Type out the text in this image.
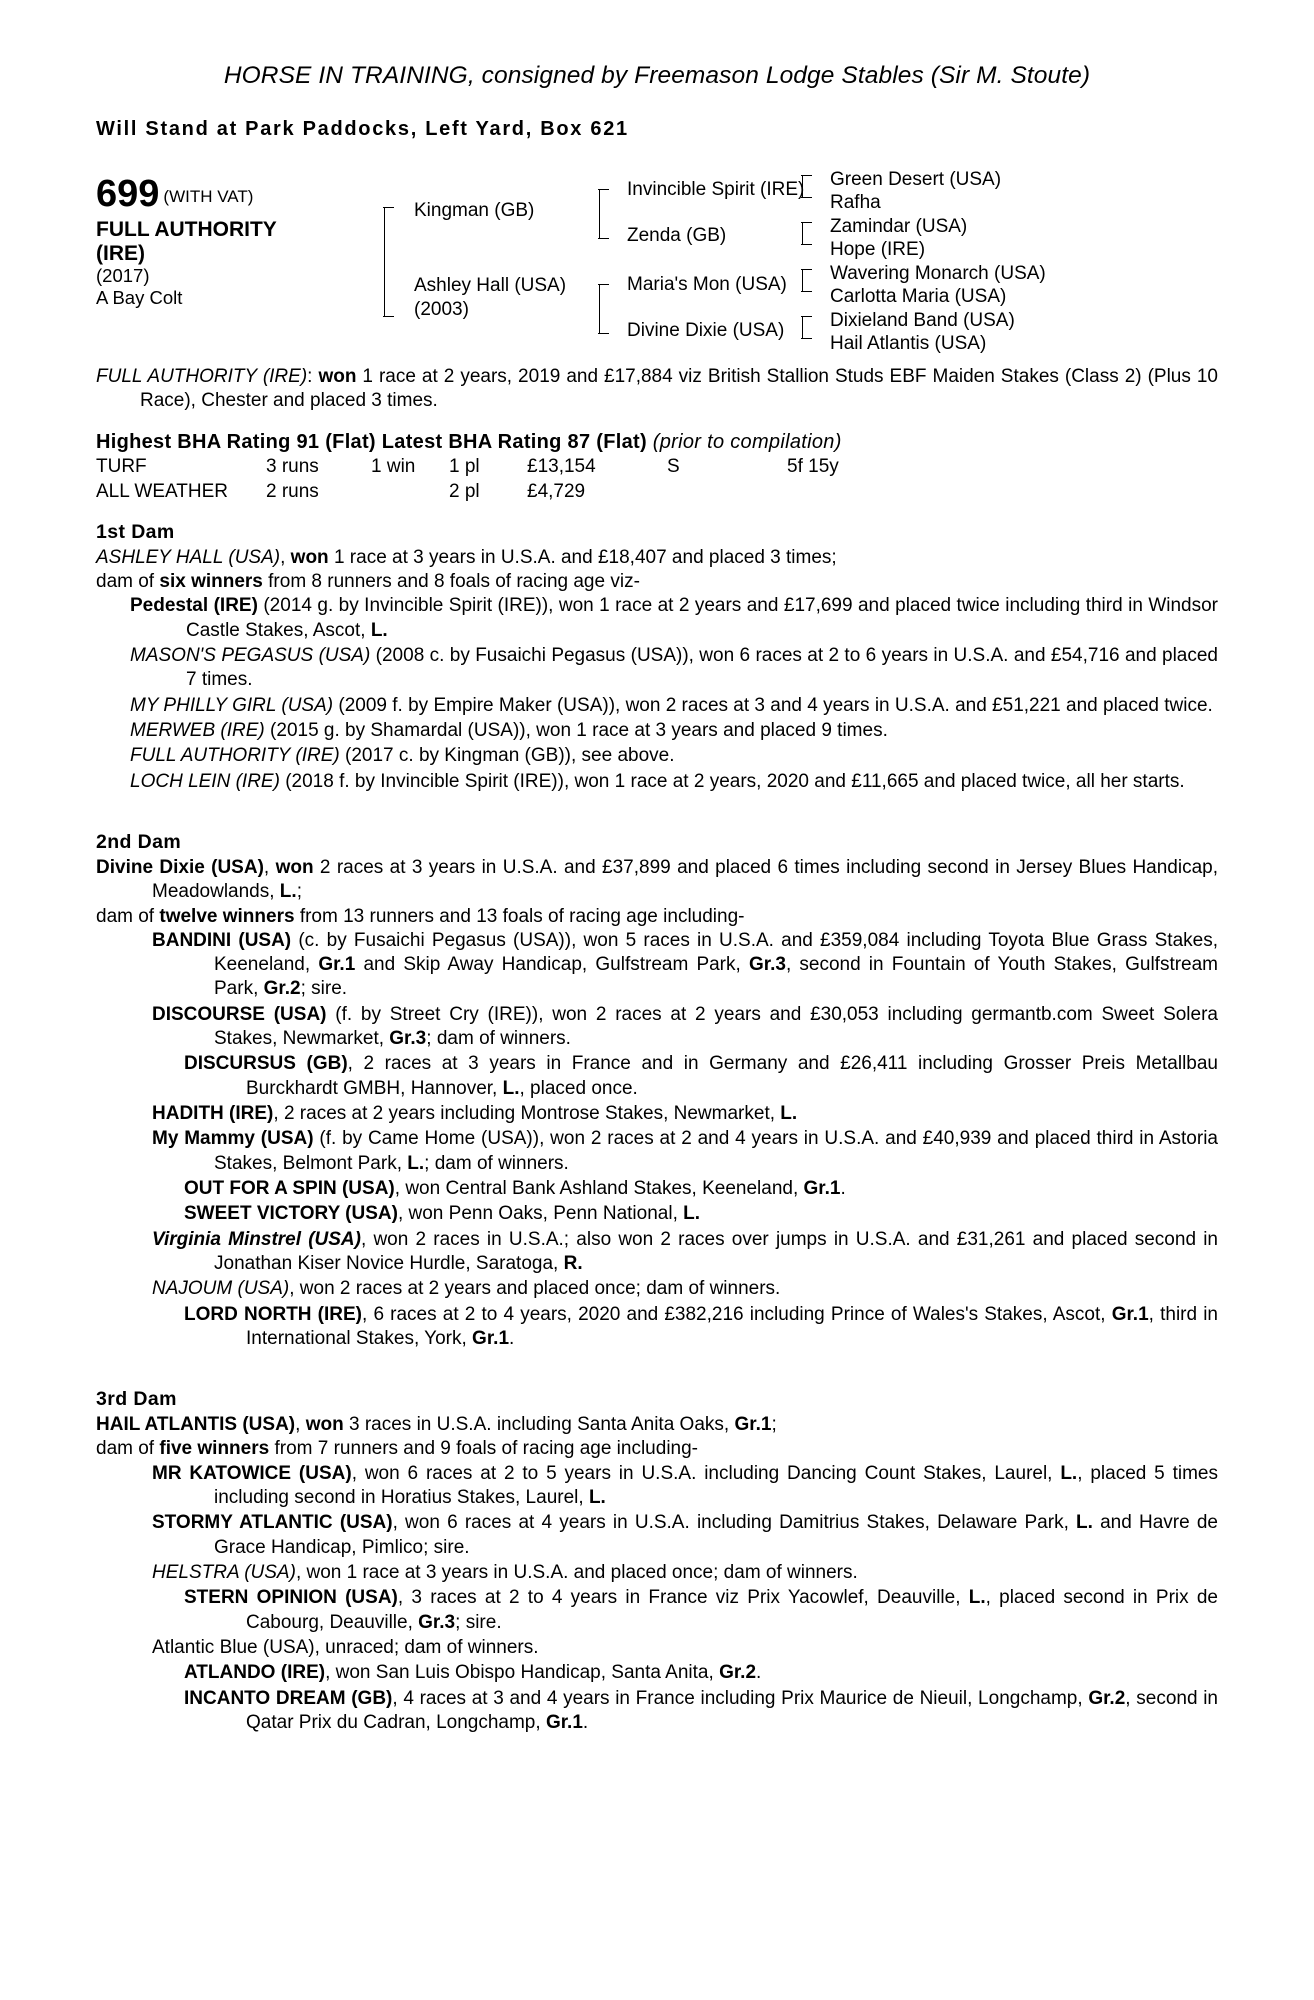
HORSE IN TRAINING, consigned by Freemason Lodge Stables (Sir M. Stoute)
Will Stand at Park Paddocks, Left Yard, Box 621
699 (WITH VAT)
FULL AUTHORITY
(IRE)
(2017)
A Bay Colt
Kingman (GB)
Ashley Hall (USA)
(2003)
Invincible Spirit (IRE)
Zenda (GB)
Maria's Mon (USA)
Divine Dixie (USA)
Green Desert (USA)
Rafha
Zamindar (USA)
Hope (IRE)
Wavering Monarch (USA)
Carlotta Maria (USA)
Dixieland Band (USA)
Hail Atlantis (USA)
FULL AUTHORITY (IRE): won 1 race at 2 years, 2019 and £17,884 viz British Stallion Studs EBF Maiden Stakes (Class 2) (Plus 10 Race), Chester and placed 3 times.
Highest BHA Rating 91 (Flat) Latest BHA Rating 87 (Flat) (prior to compilation)
TURF	3 runs	1 win	1 pl	£13,154	S	5f 15y
ALL WEATHER	2 runs		2 pl	£4,729		
1st Dam
ASHLEY HALL (USA), won 1 race at 3 years in U.S.A. and £18,407 and placed 3 times;
dam of six winners from 8 runners and 8 foals of racing age viz-
Pedestal (IRE) (2014 g. by Invincible Spirit (IRE)), won 1 race at 2 years and £17,699 and placed twice including third in Windsor Castle Stakes, Ascot, L.
MASON'S PEGASUS (USA) (2008 c. by Fusaichi Pegasus (USA)), won 6 races at 2 to 6 years in U.S.A. and £54,716 and placed 7 times.
MY PHILLY GIRL (USA) (2009 f. by Empire Maker (USA)), won 2 races at 3 and 4 years in U.S.A. and £51,221 and placed twice.
MERWEB (IRE) (2015 g. by Shamardal (USA)), won 1 race at 3 years and placed 9 times.
FULL AUTHORITY (IRE) (2017 c. by Kingman (GB)), see above.
LOCH LEIN (IRE) (2018 f. by Invincible Spirit (IRE)), won 1 race at 2 years, 2020 and £11,665 and placed twice, all her starts.
2nd Dam
Divine Dixie (USA), won 2 races at 3 years in U.S.A. and £37,899 and placed 6 times including second in Jersey Blues Handicap, Meadowlands, L.;
dam of twelve winners from 13 runners and 13 foals of racing age including-
BANDINI (USA) (c. by Fusaichi Pegasus (USA)), won 5 races in U.S.A. and £359,084 including Toyota Blue Grass Stakes, Keeneland, Gr.1 and Skip Away Handicap, Gulfstream Park, Gr.3, second in Fountain of Youth Stakes, Gulfstream Park, Gr.2; sire.
DISCOURSE (USA) (f. by Street Cry (IRE)), won 2 races at 2 years and £30,053 including germantb.com Sweet Solera Stakes, Newmarket, Gr.3; dam of winners.
DISCURSUS (GB), 2 races at 3 years in France and in Germany and £26,411 including Grosser Preis Metallbau Burckhardt GMBH, Hannover, L., placed once.
HADITH (IRE), 2 races at 2 years including Montrose Stakes, Newmarket, L.
My Mammy (USA) (f. by Came Home (USA)), won 2 races at 2 and 4 years in U.S.A. and £40,939 and placed third in Astoria Stakes, Belmont Park, L.; dam of winners.
OUT FOR A SPIN (USA), won Central Bank Ashland Stakes, Keeneland, Gr.1.
SWEET VICTORY (USA), won Penn Oaks, Penn National, L.
Virginia Minstrel (USA), won 2 races in U.S.A.; also won 2 races over jumps in U.S.A. and £31,261 and placed second in Jonathan Kiser Novice Hurdle, Saratoga, R.
NAJOUM (USA), won 2 races at 2 years and placed once; dam of winners.
LORD NORTH (IRE), 6 races at 2 to 4 years, 2020 and £382,216 including Prince of Wales's Stakes, Ascot, Gr.1, third in International Stakes, York, Gr.1.
3rd Dam
HAIL ATLANTIS (USA), won 3 races in U.S.A. including Santa Anita Oaks, Gr.1;
dam of five winners from 7 runners and 9 foals of racing age including-
MR KATOWICE (USA), won 6 races at 2 to 5 years in U.S.A. including Dancing Count Stakes, Laurel, L., placed 5 times including second in Horatius Stakes, Laurel, L.
STORMY ATLANTIC (USA), won 6 races at 4 years in U.S.A. including Damitrius Stakes, Delaware Park, L. and Havre de Grace Handicap, Pimlico; sire.
HELSTRA (USA), won 1 race at 3 years in U.S.A. and placed once; dam of winners.
STERN OPINION (USA), 3 races at 2 to 4 years in France viz Prix Yacowlef, Deauville, L., placed second in Prix de Cabourg, Deauville, Gr.3; sire.
Atlantic Blue (USA), unraced; dam of winners.
ATLANDO (IRE), won San Luis Obispo Handicap, Santa Anita, Gr.2.
INCANTO DREAM (GB), 4 races at 3 and 4 years in France including Prix Maurice de Nieuil, Longchamp, Gr.2, second in Qatar Prix du Cadran, Longchamp, Gr.1.
